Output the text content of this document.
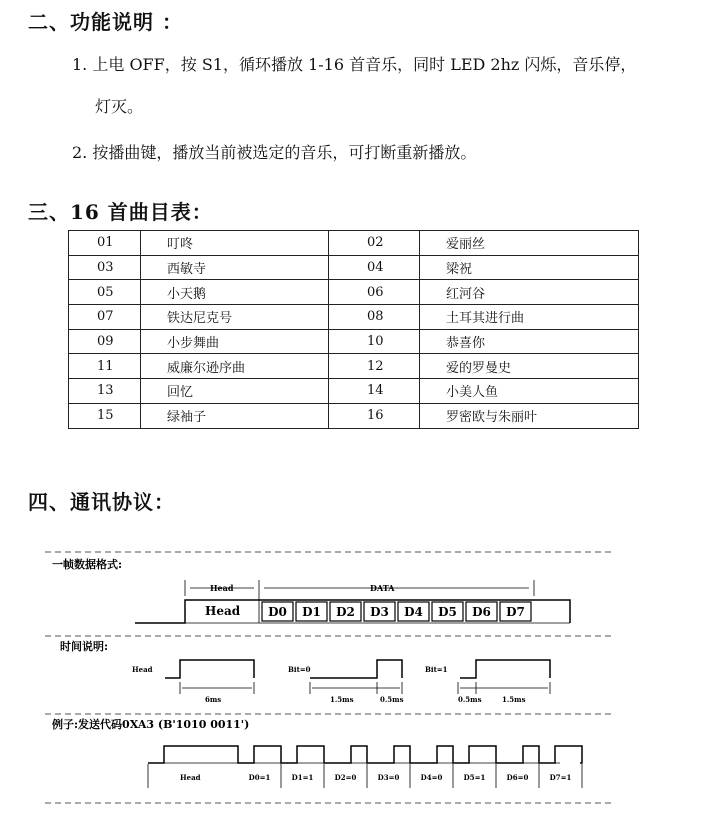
二、功能说明 ：
1. 上电 OFF，按 S1，循环播放 1-16 首音乐，同时 LED 2hz 闪烁，音乐停，
灯灭。
2. 按播曲键，播放当前被选定的音乐，可打断重新播放。
三、16 首曲目表：
01	叮咚	02	爱丽丝
03	西敏寺	04	梁祝
05	小天鹅	06	红河谷
07	铁达尼克号	08	土耳其进行曲
09	小步舞曲	10	恭喜你
11	威廉尔逊序曲	12	爱的罗曼史
13	回忆	14	小美人鱼
15	绿袖子	16	罗密欧与朱丽叶
四、通讯协议：
一帧数据格式:
Head	DATA
Head D0 D1 D2 D3 D4 D5 D6 D7
时间说明:
Head	Bit=0	Bit=1
6ms	1.5ms	0.5ms	0.5ms	1.5ms
例子:发送代码0XA3 (B'1010 0011')
D0=1	D1=1	D2=0	D3=0	D4=0	D5=1	D6=0	D7=1
Head
